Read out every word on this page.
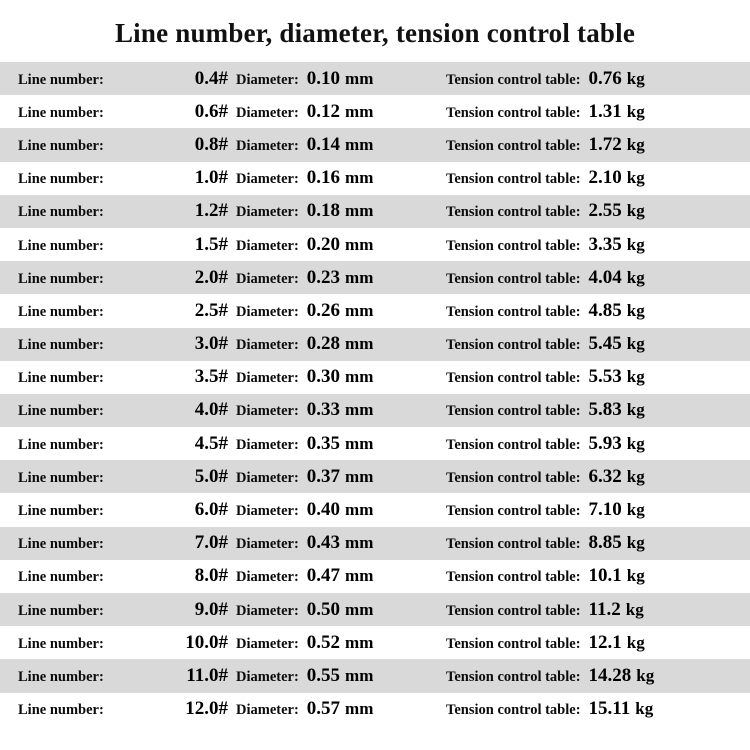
Line number, diameter, tension control table
Line number:	0.4# Diameter: 0.10 mm	Tension control table: 0.76 kg
Line number:	0.6# Diameter: 0.12 mm	Tension control table: 1.31 kg
Line number:	0.8# Diameter: 0.14 mm	Tension control table: 1.72 kg
Line number:	1.0# Diameter: 0.16 mm	Tension control table: 2.10 kg
Line number:	1.2# Diameter: 0.18 mm	Tension control table: 2.55 kg
Line number:	1.5# Diameter: 0.20 mm	Tension control table: 3.35 kg
Line number:	2.0# Diameter: 0.23 mm	Tension control table: 4.04 kg
Line number:	2.5# Diameter: 0.26 mm	Tension control table: 4.85 kg
Line number:	3.0# Diameter: 0.28 mm	Tension control table: 5.45 kg
Line number:	3.5# Diameter: 0.30 mm	Tension control table: 5.53 kg
Line number:	4.0# Diameter: 0.33 mm	Tension control table: 5.83 kg
Line number:	4.5# Diameter: 0.35 mm	Tension control table: 5.93 kg
Line number:	5.0# Diameter: 0.37 mm	Tension control table: 6.32 kg
Line number:	6.0# Diameter: 0.40 mm	Tension control table: 7.10 kg
Line number:	7.0# Diameter: 0.43 mm	Tension control table: 8.85 kg
Line number:	8.0# Diameter: 0.47 mm	Tension control table: 10.1 kg
Line number:	9.0# Diameter: 0.50 mm	Tension control table: 11.2 kg
Line number:	10.0# Diameter: 0.52 mm	Tension control table: 12.1 kg
Line number:	11.0# Diameter: 0.55 mm	Tension control table: 14.28 kg
Line number:	12.0# Diameter: 0.57 mm	Tension control table: 15.11 kg
